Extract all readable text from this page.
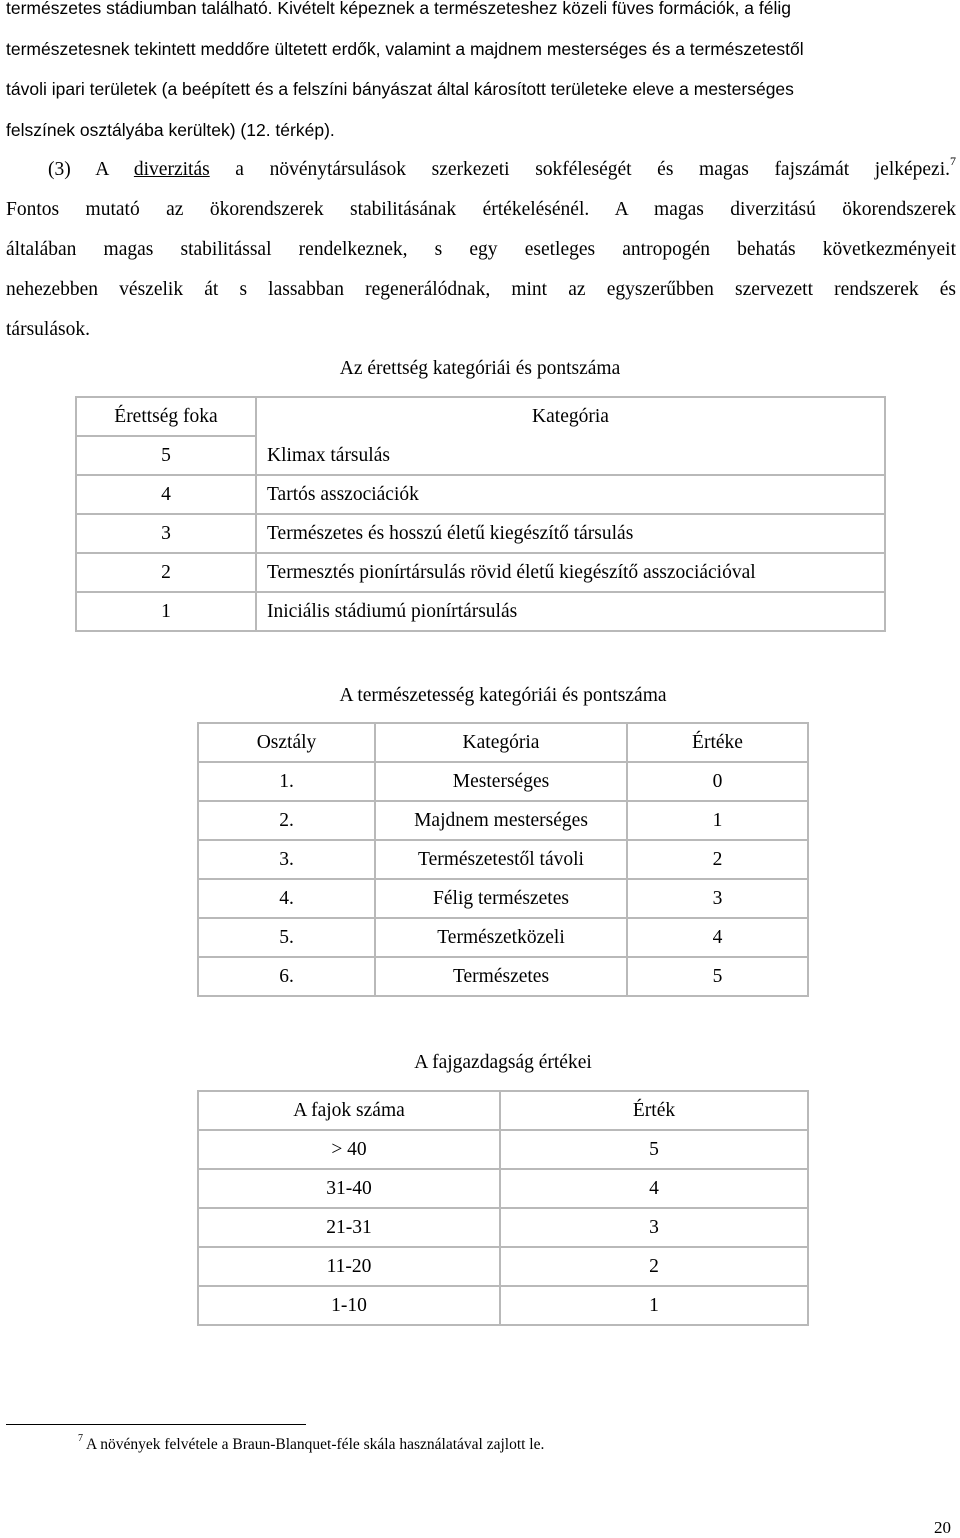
természetes stádiumban található. Kivételt képeznek a természeteshez közeli füves formációk, a félig
természetesnek tekintett meddőre ültetett erdők, valamint a majdnem mesterséges és a természetestől
távoli ipari területek (a beépített és a felszíni bányászat által károsított területeke eleve a mesterséges
felszínek osztályába kerültek) (12. térkép).
(3) A diverzitás a növénytársulások szerkezeti sokféleségét és magas fajszámát jelképezi.$^7$
Fontos mutató az ökorendszerek stabilitásának értékelésénél. A magas diverzitású ökorendszerek
általában magas stabilitással rendelkeznek, s egy esetleges antropogén behatás következményeit
nehezebben vészelik át s lassabban regenerálódnak, mint az egyszerűbben szervezett rendszerek és
társulások.
Az érettség kategóriái és pontszáma
Érettség foka	Kategória
5	Klimax társulás
4	Tartós asszociációk
3	Természetes és hosszú életű kiegészítő társulás
2	Termesztés pionírtársulás rövid életű kiegészítő asszociációval
1	Iniciális stádiumú pionírtársulás
A természetesség kategóriái és pontszáma
Osztály	Kategória	Értéke
1.	Mesterséges	0
2.	Majdnem mesterséges	1
3.	Természetestől távoli	2
4.	Félig természetes	3
5.	Természetközeli	4
6.	Természetes	5
A fajgazdagság értékei
A fajok száma	Érték
> 40	5
31-40	4
21-31	3
11-20	2
1-10	1
$^7$ A növények felvétele a Braun-Blanquet-féle skála használatával zajlott le.
20
